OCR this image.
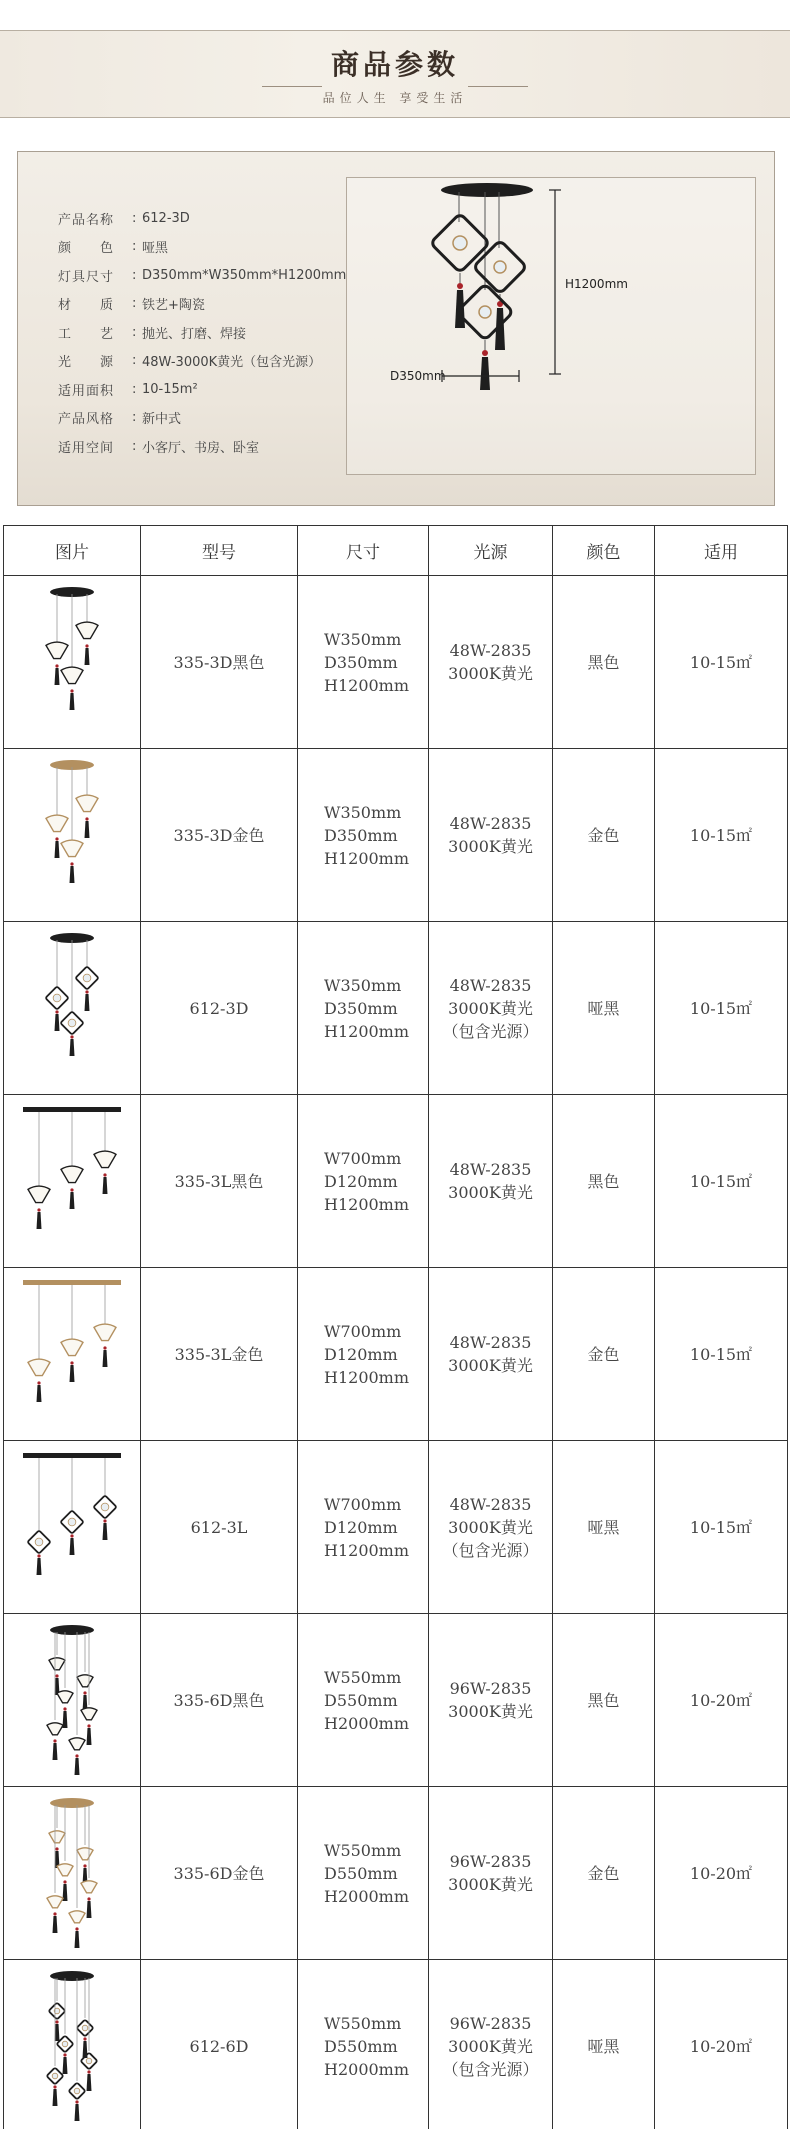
商品参数
品位人生 享受生活
产品名称	: 612-3D
颜　　色	: 哑黑
灯具尺寸	: D350mm*W350mm*H1200mm
材　　质	: 铁艺+陶瓷
工　　艺	: 抛光、打磨、焊接
光　　源	: 48W-3000K黄光（包含光源）
适用面积	: 10-15m²
产品风格	: 新中式
适用空间	: 小客厅、书房、卧室
H1200mm
D350mm
图片	型号	尺寸	光源	颜色	适用

	335-3D黑色	W350mm
D350mm
H1200mm	48W-2835
3000K黄光	黑色	10-15㎡

	335-3D金色	W350mm
D350mm
H1200mm	48W-2835
3000K黄光	金色	10-15㎡

	612-3D	W350mm
D350mm
H1200mm	48W-2835
3000K黄光
（包含光源）	哑黑	10-15㎡

	335-3L黑色	W700mm
D120mm
H1200mm	48W-2835
3000K黄光	黑色	10-15㎡

	335-3L金色	W700mm
D120mm
H1200mm	48W-2835
3000K黄光	金色	10-15㎡

	612-3L	W700mm
D120mm
H1200mm	48W-2835
3000K黄光
（包含光源）	哑黑	10-15㎡

	335-6D黑色	W550mm
D550mm
H2000mm	96W-2835
3000K黄光	黑色	10-20㎡

	335-6D金色	W550mm
D550mm
H2000mm	96W-2835
3000K黄光	金色	10-20㎡

	612-6D	W550mm
D550mm
H2000mm	96W-2835
3000K黄光
（包含光源）	哑黑	10-20㎡
